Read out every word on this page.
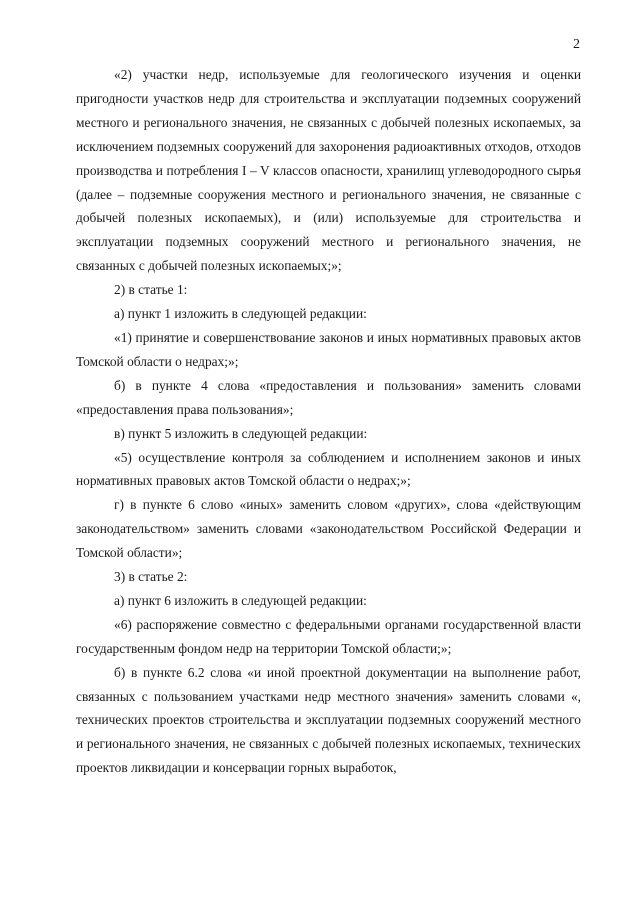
2

«2) участки недр, используемые для геологического изучения и оценки пригодности участков недр для строительства и эксплуатации подземных сооружений местного и регионального значения, не связанных с добычей полезных ископаемых, за исключением подземных сооружений для захоронения радиоактивных отходов, отходов производства и потребления I – V классов опасности, хранилищ углеводородного сырья (далее – подземные сооружения местного и регионального значения, не связанные с добычей полезных ископаемых), и (или) используемые для строительства и эксплуатации подземных сооружений местного и регионального значения, не связанных с добычей полезных ископаемых;»;

2) в статье 1:

а) пункт 1 изложить в следующей редакции:

«1) принятие и совершенствование законов и иных нормативных правовых актов Томской области о недрах;»;

б) в пункте 4 слова «предоставления и пользования» заменить словами «предоставления права пользования»;

в) пункт 5 изложить в следующей редакции:

«5) осуществление контроля за соблюдением и исполнением законов и иных нормативных правовых актов Томской области о недрах;»;

г) в пункте 6 слово «иных» заменить словом «других», слова «действующим законодательством» заменить словами «законодательством Российской Федерации и Томской области»;

3) в статье 2:

а) пункт 6 изложить в следующей редакции:

«6) распоряжение совместно с федеральными органами государственной власти государственным фондом недр на территории Томской области;»;

б) в пункте 6.2 слова «и иной проектной документации на выполнение работ, связанных с пользованием участками недр местного значения» заменить словами «, технических проектов строительства и эксплуатации подземных сооружений местного и регионального значения, не связанных с добычей полезных ископаемых, технических проектов ликвидации и консервации горных выработок,
